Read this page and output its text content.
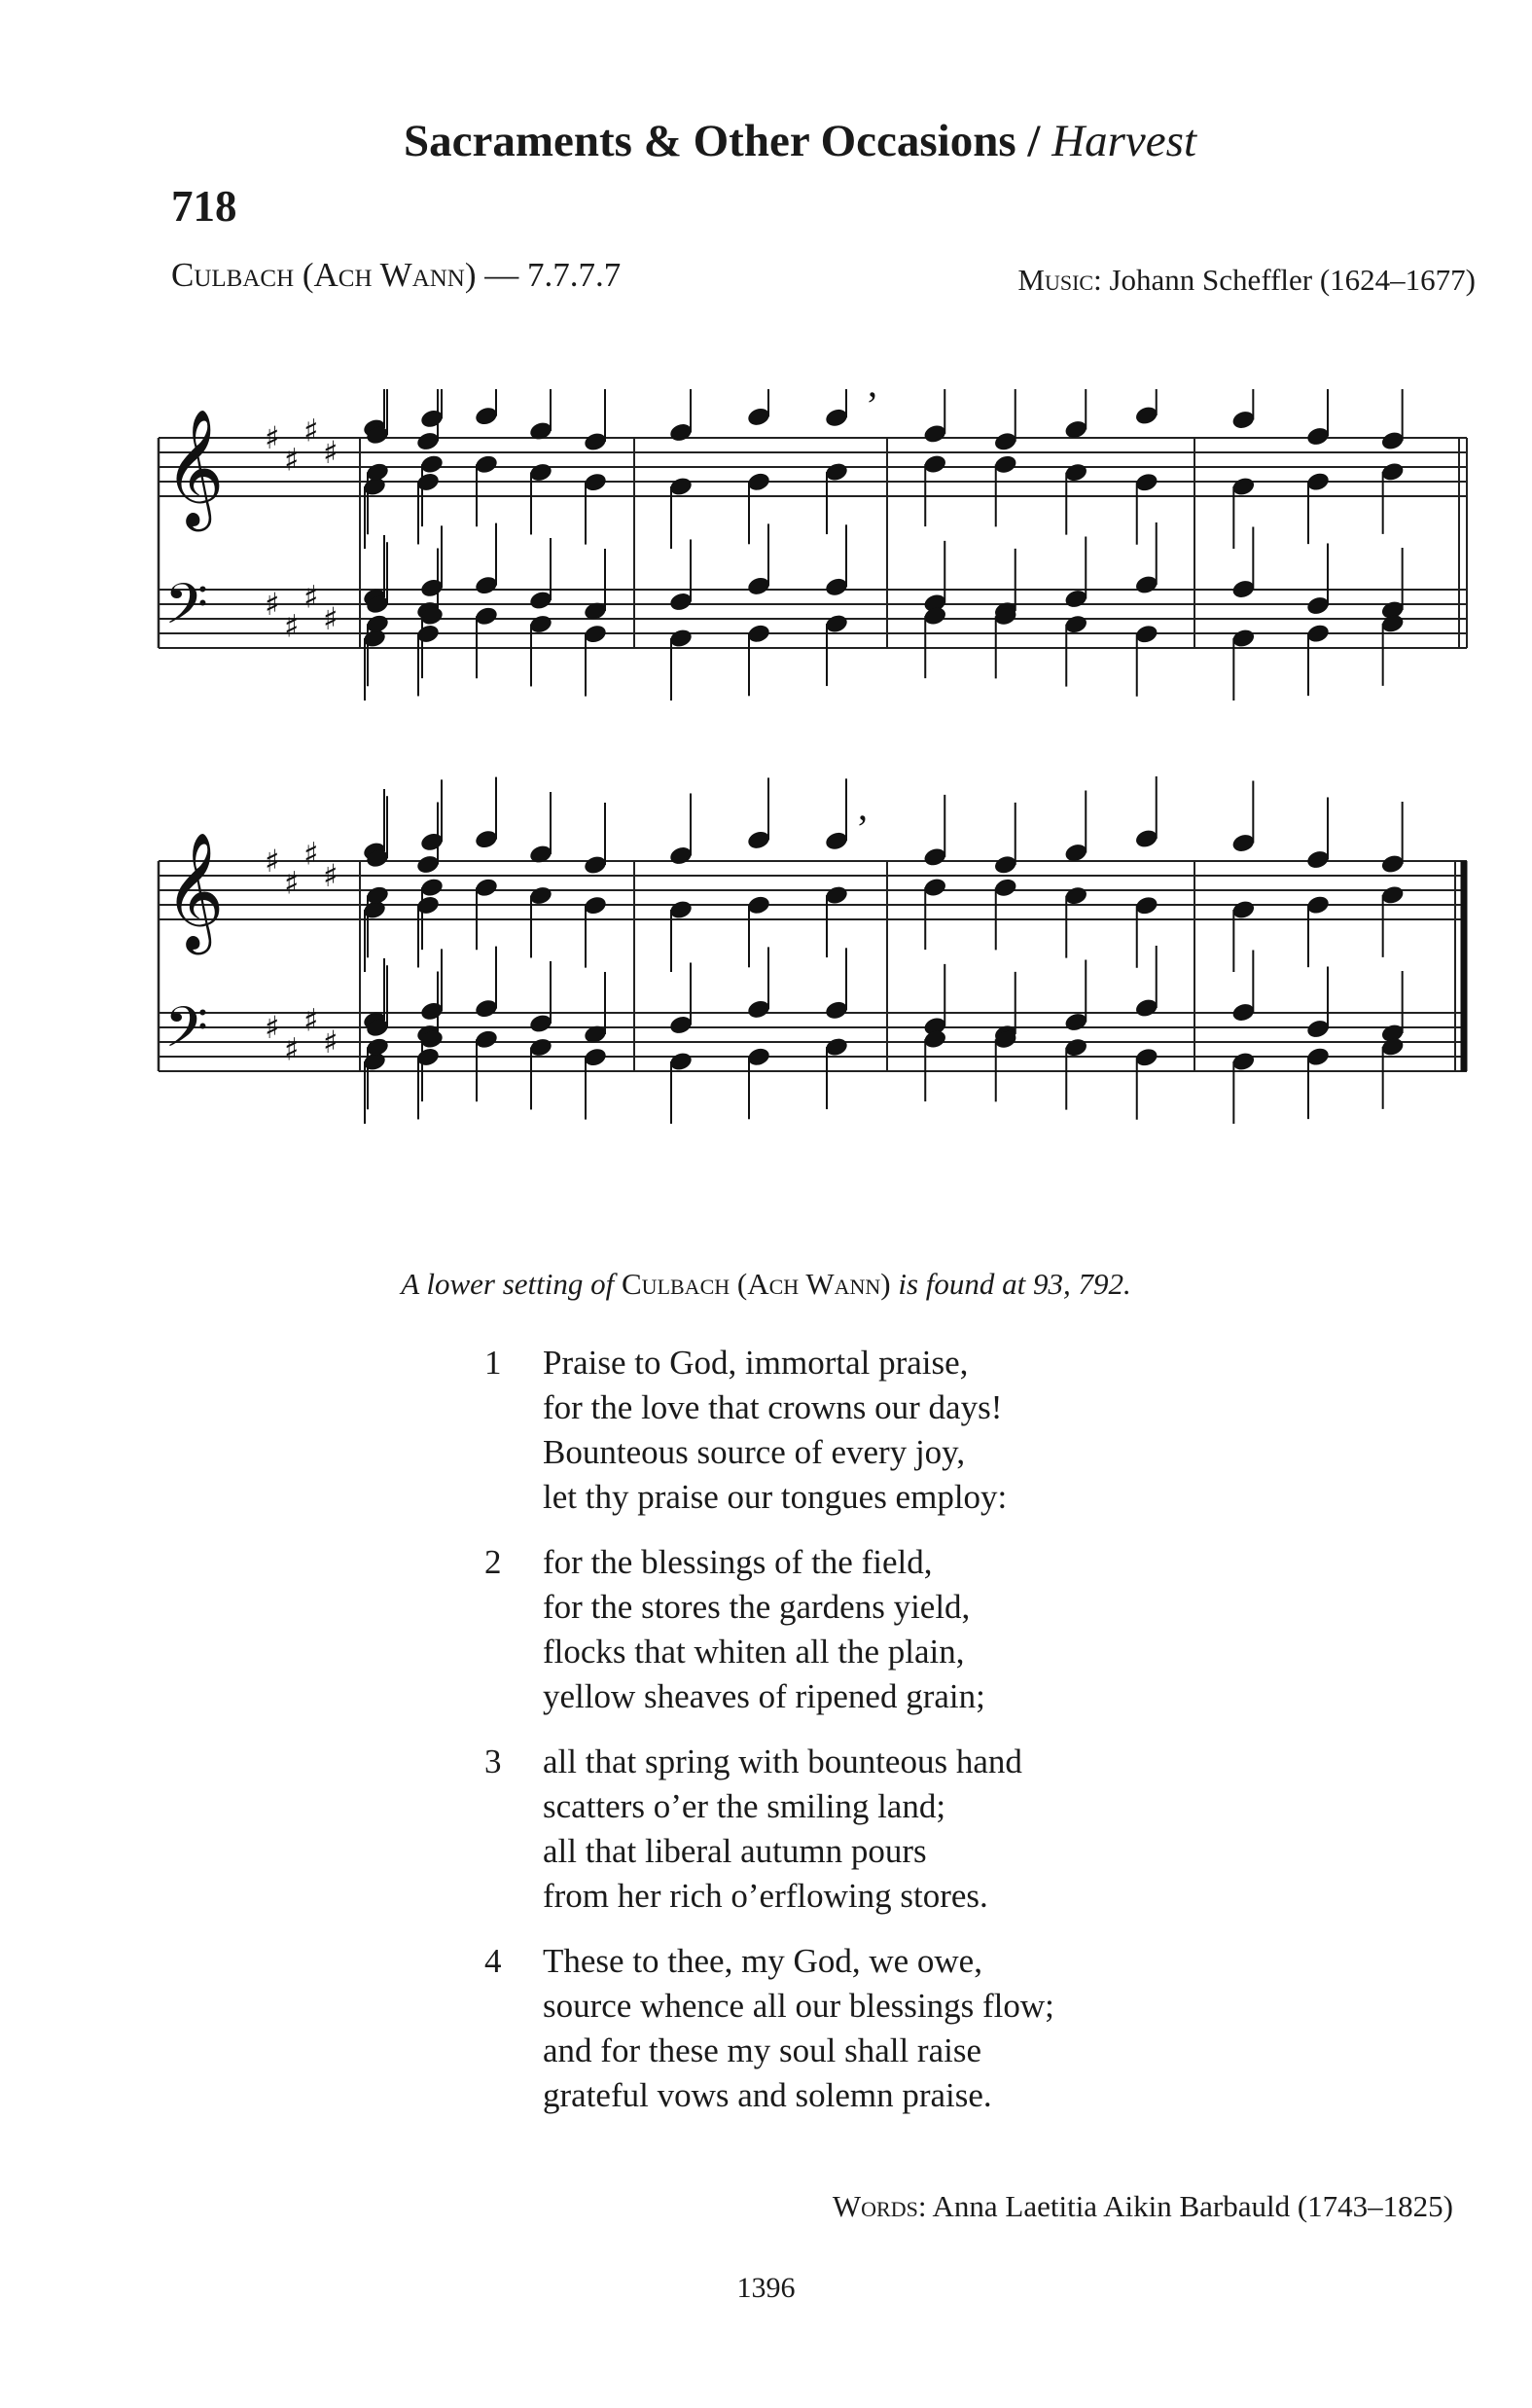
Sacraments & Other Occasions / Harvest
718
Culbach (Ach Wann) — 7.7.7.7	Music: Johann Scheffler (1624–1677)
𝄞 ♯
♯
♯
♯
𝄢 ♯
♯
♯
♯
’
𝄞 ♯
♯
♯
♯
𝄢 ♯
♯
♯
♯
’
A lower setting of Culbach (Ach Wann) is found at 93, 792.
1	Praise to God, immortal praise,
for the love that crowns our days!
Bounteous source of every joy,
let thy praise our tongues employ:
2	for the blessings of the field,
for the stores the gardens yield,
flocks that whiten all the plain,
yellow sheaves of ripened grain;
3	all that spring with bounteous hand
scatters o’er the smiling land;
all that liberal autumn pours
from her rich o’erflowing stores.
4	These to thee, my God, we owe,
source whence all our blessings flow;
and for these my soul shall raise
grateful vows and solemn praise.
Words: Anna Laetitia Aikin Barbauld (1743–1825)
1396
